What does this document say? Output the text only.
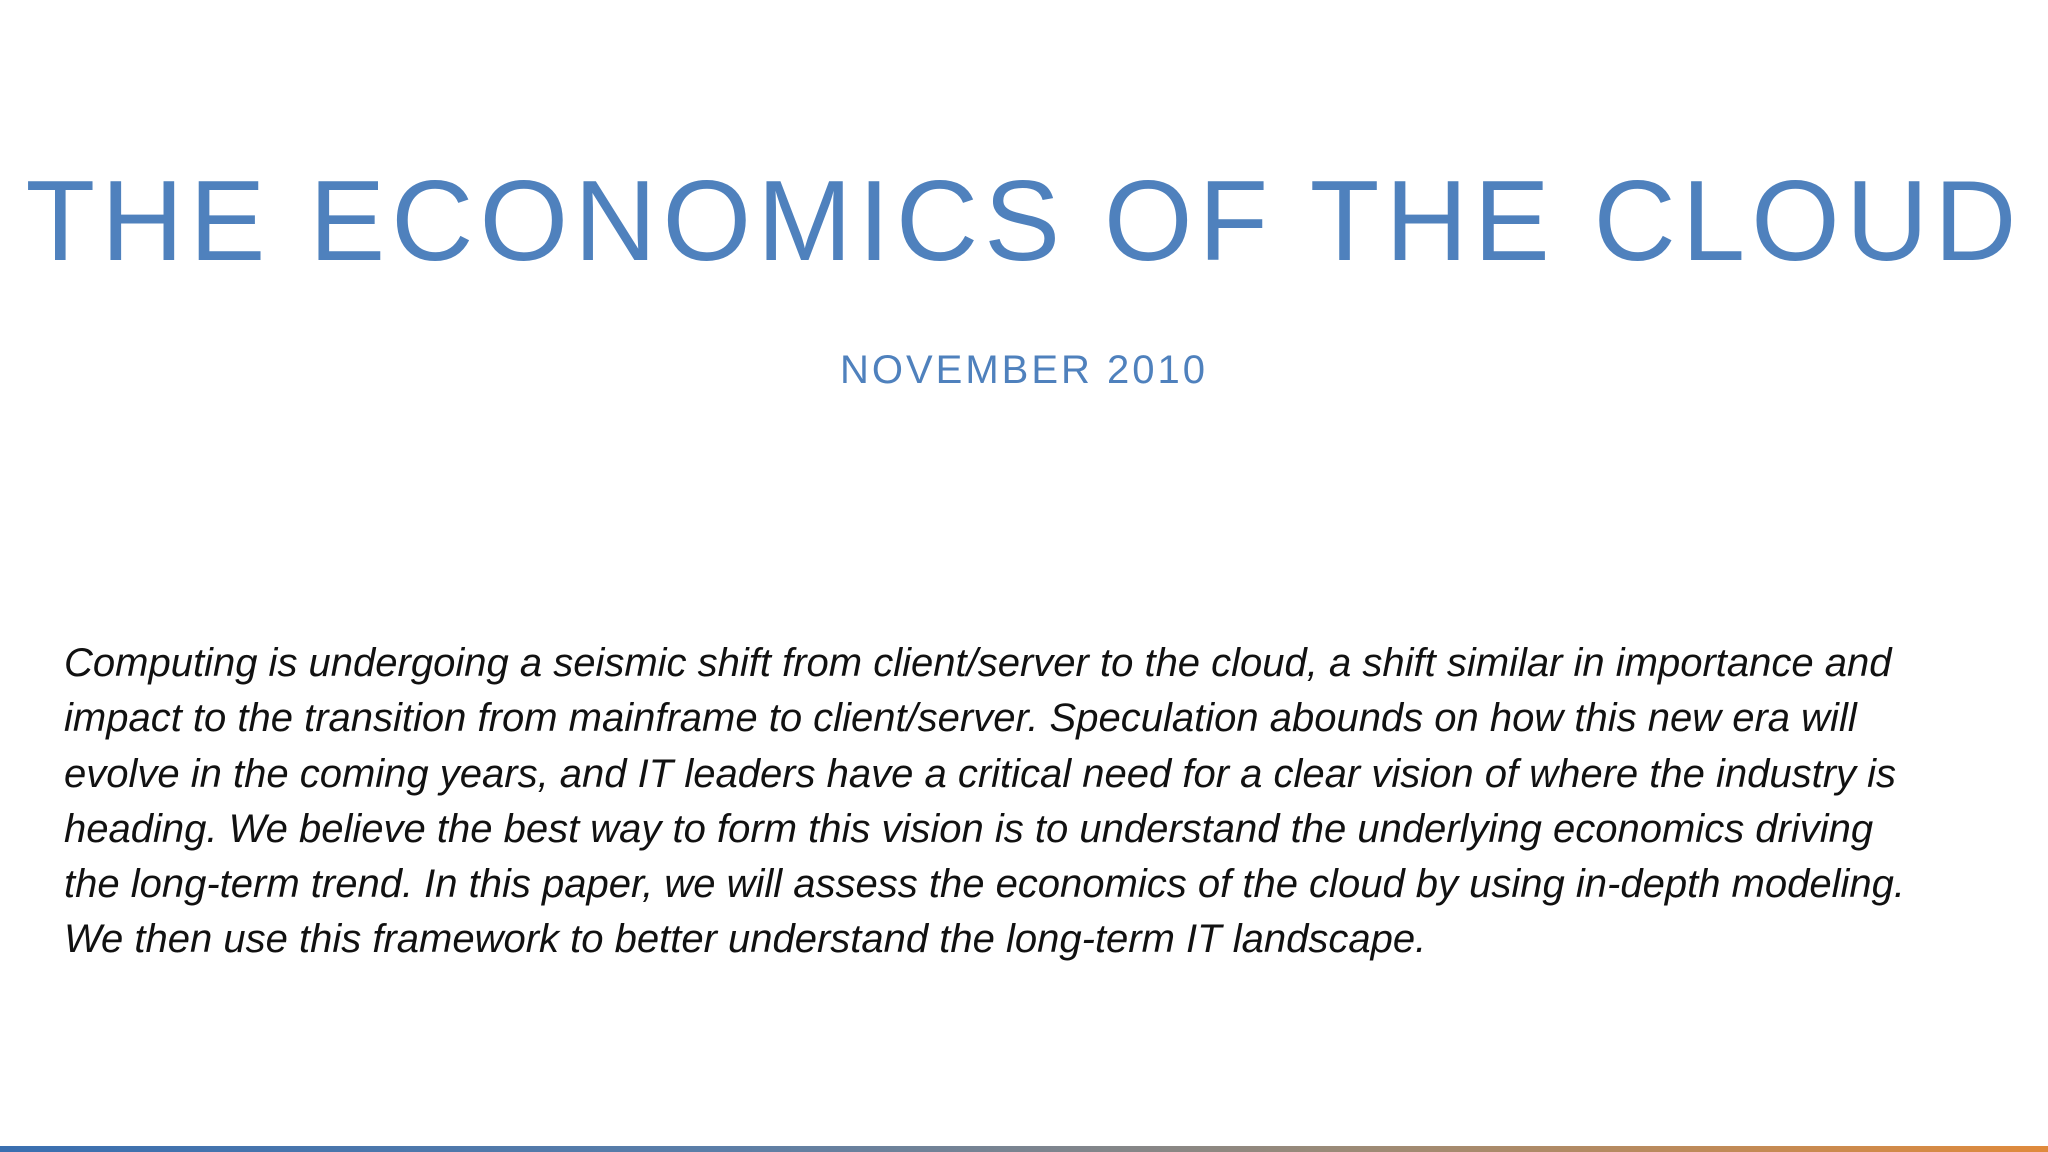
THE ECONOMICS OF THE CLOUD
NOVEMBER 2010

Computing is undergoing a seismic shift from client/server to the cloud, a shift similar in importance and
impact to the transition from mainframe to client/server. Speculation abounds on how this new era will
evolve in the coming years, and IT leaders have a critical need for a clear vision of where the industry is
heading. We believe the best way to form this vision is to understand the underlying economics driving
the long-term trend. In this paper, we will assess the economics of the cloud by using in-depth modeling.
We then use this framework to better understand the long-term IT landscape.
